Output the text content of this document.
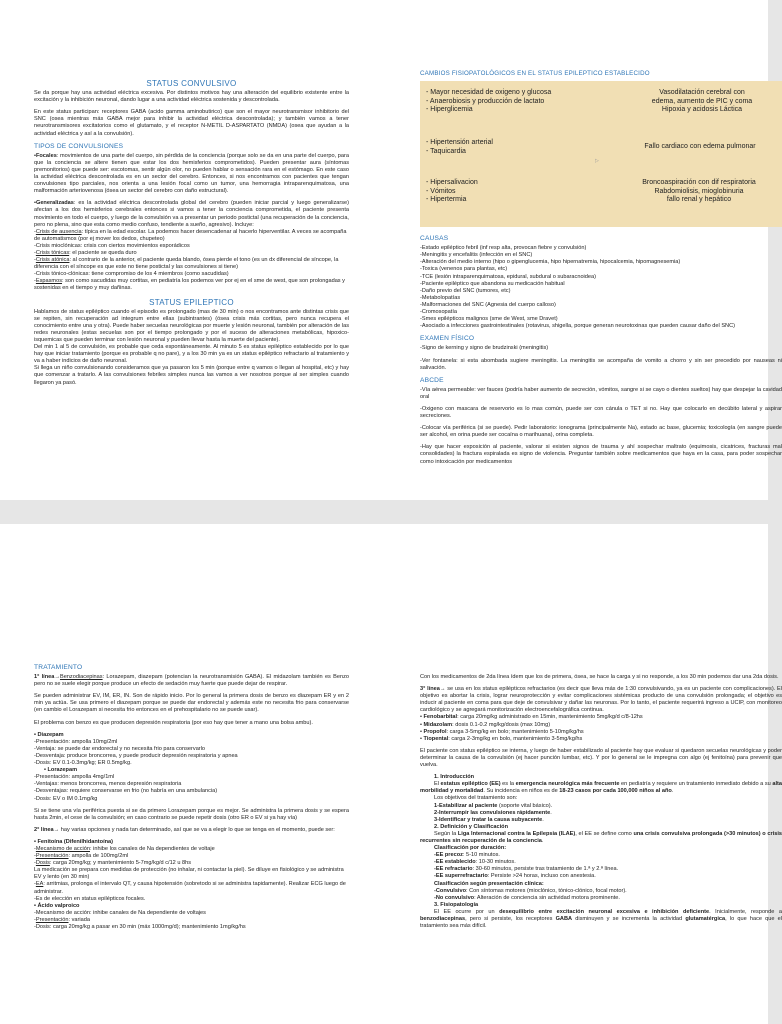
STATUS CONVULSIVO

Se da porque hay una actividad eléctrica excesiva. Por distintos motivos hay una alteración del equilibrio existente entre la excitación y la inhibición neuronal, dando lugar a una actividad eléctrica sostenida y descontrolada.

En este status participan: receptores GABA (acido gamma aminobutirico) que son el mayor neurotransmisor inhibitorio del SNC (osea mientras más GABA mejor para inhibir la actividad eléctrica descontrolada); y también vamos a tener neurotransmisores excitatorios como el glutamato, y el receptor N-METIL D-ASPARTATO (NMDA) (osea que ayudan a la actividad eléctrica y así a la convulsión).

TIPOS DE CONVULSIONES

•Focales: movimientos de una parte del cuerpo, sin pérdida de la conciencia (porque solo se da en una parte del cuerpo, para que la conciencia se altere tienen que estar los dos hemisferios comprometidos). Pueden presentar aura (síntomas premonitorios) que puede ser: escotomas, sentir algún olor, no pueden hablar o sensación rara en el estómago. En este caso la actividad eléctrica descontrolada es en un sector del cerebro. Entonces, si nos encontramos con pacientes que tengan convulsiones tipo parciales, nos orienta a una lesión focal como un tumor, una hemorragia intraparenquimatosa, una malformación arteriovenosa (ósea un sector del cerebro con daño estructural).

•Generalizadas: es la actividad eléctrica descontrolada global del cerebro (pueden iniciar parcial y luego generalizarse) afectan a los dos hemisferios cerebrales entonces si vamos a tener la conciencia comprometida, el paciente presenta movimiento en todo el cuerpo, y luego de la convulsión va a presentar un periodo postictal (una recuperación de la conciencia, pero no plena, sino que esta como medio confuso, tendiente a sueño, agresivo). Incluye:

-Crisis de ausencia: típica en la edad escolar. La podemos hacer desencadenar al hacerlo hiperventilar. A veces se acompaña de automatismos (por ej mover los dedos, chupeteo)
-Crisis mioclónicas: crisis con ciertos movimientos esporádicos
-Crisis tónicas: el paciente se queda duro
-Crisis atónica: al contrario de la anterior, el paciente queda blando, ósea pierde el tono (es un dx diferencial de síncope, la diferencia con el síncope es que este no tiene postictal y las convulsiones si tiene)
-Crisis tónico-clónicas: tiene compromiso de los 4 miembros (como sacudidas)
-Espasmos: son como sacudidas muy cortitas, en pediatría los podemos ver por ej en el sme de west, que son prolongadas y sostenidas en el tiempo y muy dañinas.
STATUS EPILEPTICO

Hablamos de status epiléptico cuando el episodio es prolongado (mas de 30 min) o nos encontramos ante distintas crisis que se repiten, sin recuperación ad integrum entre ellas (subintrantes) (ósea crisis más cortitas, pero nunca recupera el conocimiento entre una y otra). Puede haber secuelas neurológicas por muerte y lesión neuronal, también por alteración de las redes neuronales (estas secuelas son por el tiempo prolongado y por el suceso de alteraciones metabólicas, hipoxico-isquemicas que pueden terminar con lesión neuronal y pueden llevar hasta la muerte del paciente).

Del min 1 al 5 de convulsión, es probable que ceda espontáneamente. Al minuto 5 es status epiléptico establecido por lo que hay que iniciar tratamiento (porque es probable q no pare), y a los 30 min ya es un status epiléptico refractario al tratamiento y va a haber indicios de daño neuronal.

Si llega un niño convulsionando consideramos que ya pasaron los 5 min (porque entre q vamos o llegan al hospital, etc) y hay que comenzar a tratarlo. A las convulsiones febriles simples nunca las vamos a ver nosotros porque al ser simples cuando llegaron ya pasó.

CAMBIOS FISIOPATOLÓGICOS EN EL STATUS EPILEPTICO ESTABLECIDO
- Mayor necesidad de oxigeno y glucosa
- Anaerobiosis y producción de lactato
- Hiperglicemia
Vasodilatación cerebral con
edema, aumento de PIC y coma
Hipoxia y acidosis Láctica
- Hipertensión arterial
- Taquicardia
Fallo cardiaco con edema pulmonar
▷
- Hipersalivacion
- Vómitos
- Hipertermia
Broncoaspiración con dif respiratoria
Rabdomiolisis, mioglobinuria
fallo renal y hepático
CAUSAS
-Estado epiléptico febril (inf resp alta, provocan fiebre y convulsión)
-Meningitis y encefalitis (infección en el SNC)
-Alteración del medio interno (hipo o gipenglucemia, hipo hipernatremia, hipocalcemia, hipomagnesemia)
-Toxica (venenos para plantas, etc)
-TCE (lesión intraparenquimatosa, epidural, subdural o subaracnoidea)
-Paciente epiléptico que abandona su medicación habitual
-Daño previo del SNC (tumores, etc)
-Metabolopatías
-Malformaciones del SNC (Agnesia del cuerpo calloso)
-Cromosopatía
-Smes epilépticos malignos (sme de West, sme Dravet)
-Asociado a infecciones gastrointestinales (rotavirus, shigella, porque generan neurotoxinas que pueden causar daño del SNC)
EXAMEN FÍSICO

-Signo de kerning y signo de brudzinski (meningitis)

-Ver fontanela: si esta abombada sugiere meningitis. La meningitis se acompaña de vomito a chorro y sin ser precedido por nauseas ni salivación.

ABCDE

-Vía aérea permeable: ver fauces (podría haber aumento de secreción, vómitos, sangre si se cayo o dientes sueltos) hay que despejar la cavidad oral

-Oxigeno con mascara de reservorio es lo mas común, puede ser con cánula o TET si no. Hay que colocarlo en decúbito lateral y aspirar secreciones.

-Colocar vía periférica (si se puede). Pedir laboratorio: ionograma (principalmente Na), estado ac base, glucemia; toxicología (en sangre puede ser alcohol, en orina puede ser cocaína o marihuana), orina completa.

-Hay que hacer exposición al paciente, valorar si existen signos de trauma y ahí sospechar maltrato (equimosis, cicatrices, fracturas mal consolidades) la fractura espiralada es signo de violencia. Preguntar también sobre medicamentos que haya en la casa, para poder sospechar como intoxicación por medicamentos

TRATAMIENTO

1° línea→Benzodiacepinas: Lorazepam, diazepam (potencian la neurotransmisión GABA). El midazolam también es Benzo pero no se suele elegir porque produce un efecto de sedación muy fuerte que puede dejar de respirar.

Se pueden administrar EV, IM, ER, IN. Son de rápido inicio. Por lo general la primera dosis de benzo es diazepam ER y en 2 min ya actúa. Se usa primero el diazepam porque se puede dar endorectal y además este no necesita frio para conservarse (en cambio el Lorazepam si necesita frio entonces en el prehospitalario no se puede usar).

El problema con benzo es que producen depresión respiratoria (por eso hay que tener a mano una bolsa ambu).

• Diazepam
-Presentación: ampolla 10mg/2ml
-Ventaja: se puede dar endorectal y no necesita frio para conservarlo
-Desventaja: produce broncorrea, y puede producir depresión respiratoria y apnea
-Dosis: EV 0.1-0.3mg/kg; ER 0.5mg/kg.
• Lorazepam
-Presentación: ampolla 4mg/1ml
-Ventajas: menos broncorrea, menos depresión respiratoria
-Desventajas: requiere conservarse en frio (no habría en una ambulancia)
-Dosis: EV o IM 0.1mg/kg

Si se tiene una vía periférica puesta si se da primero Lorazepam porque es mejor. Se administra la primera dosis y se espera hasta 2min, el cese de la convulsión; en caso contrario se puede repetir dosis (otro ER o EV si ya hay vía)

2° línea→ hay varias opciones y nada tan determinado, así que se va a elegir lo que se tenga en el momento, puede ser:

• Fenitoína (Difenilhidantoína)
-Mecanismo de acción: inhibe los canales de Na dependientes de voltaje
-Presentación: ampolla de 100mg/2ml
-Dosis: carga 20mg/kg; y mantenimiento 5-7mg/kg/d c/12 u 8hs
La medicación se prepara con medidas de protección (no inhalar, ni contactar la piel). Se diluye en fisiológico y se administra EV y lento (en 30 min)
-EA: arritmias, prolonga el intervalo QT, y causa hipotensión (sobretodo si se administra tapidamente). Realizar ECG luego de administrar.
-Es de elección en status epilépticos focales.
• Ácido valproico
-Mecanismo de acción: inhibe canales de Na dependiente de voltajes
-Presentación: variada
-Dosis: carga 20mg/kg a pasar en 30 min (máx 1000mg/d); mantenimiento 1mg/kg/hs

Con los medicamentos de 2da línea ídem que los de primera, ósea, se hace la carga y si no responde, a los 30 min podemos dar una 2da dosis.

3° línea→ se usa en los status epilépticos refractarios (es decir que lleva más de 1:30 convulsivando, ya es un paciente con complicaciones). El objetivo es abortar la crisis, lograr neuroprotección y evitar complicaciones sistémicas producto de una convulsión prolongada; el objetivo es inducir al paciente en coma para que deje de convulsivar y dañar las neuronas. Por lo tanto, el paciente requerirá ingreso a UCIP, con monitoreo cardiológico y se agregará monitorización electroencefalográfica continua.

• Fenobarbital: carga 20mg/kg administrado en 15min, mantenimiento 5mg/kg/d c/8-12hs
• Midazolam: dosis 0.1-0.2 mg/kg/dosis (max 10mg)
• Propofol: carga 3-5mg/kg en bolo; mantenimiento 5-10mg/kg/hs
• Tiopental: carga 2-3mg/kg en bolo, mantenimiento 3-5mg/kg/hs

El paciente con status epiléptico se interna, y luego de haber estabilizado al paciente hay que evaluar si quedaron secuelas neurológicas y poder determinar la causa de la convulsión (ej hacer punción lumbar, etc). Y por lo general se le impregna con algo (ej fenitoína) para prevenir que vuelva.

1. Introducción

El estatus epiléptico (EE) es la emergencia neurológica más frecuente en pediatría y requiere un tratamiento inmediato debido a su alta morbilidad y mortalidad. Su incidencia en niños es de 18-23 casos por cada 100,000 niños al año.

Los objetivos del tratamiento son:
1-Estabilizar al paciente (soporte vital básico).
2-Interrumpir las convulsiones rápidamente.
3-Identificar y tratar la causa subyacente.
2. Definición y Clasificación

Según la Liga Internacional contra la Epilepsia (ILAE), el EE se define como una crisis convulsiva prolongada (>30 minutos) o crisis recurrentes sin recuperación de la conciencia.

Clasificación por duración:
-EE precoz: 5-10 minutos.
-EE establecido: 10-30 minutos.
-EE refractario: 30-60 minutos, persiste tras tratamiento de 1.ª y 2.ª línea.
-EE superrefractario: Persiste >24 horas, incluso con anestesia.
Clasificación según presentación clínica:
-Convulsivo: Con síntomas motores (mioclónico, tónico-clónico, focal motor).
-No convulsivo: Alteración de conciencia sin actividad motora prominente.
3. Fisiopatología

El EE ocurre por un desequilibrio entre excitación neuronal excesiva e inhibición deficiente. Inicialmente, responde a benzodiacepinas, pero si persiste, los receptores GABA disminuyen y se incrementa la actividad glutamatérgica, lo que hace que el tratamiento sea más difícil.
